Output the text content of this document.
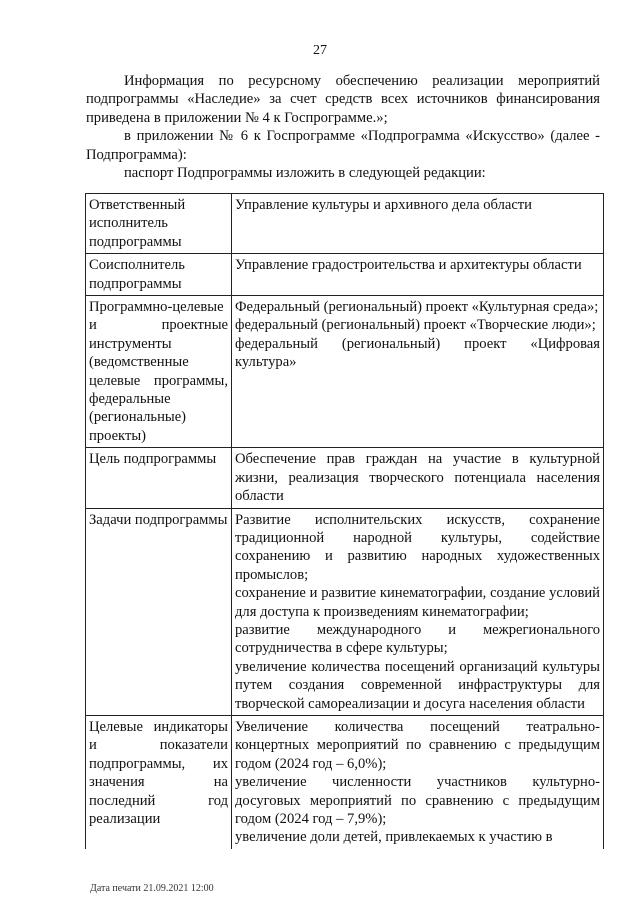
27

Информация по ресурсному обеспечению реализации мероприятий подпрограммы «Наследие» за счет средств всех источников финансирования приведена в приложении № 4 к Госпрограмме.»;

в приложении № 6 к Госпрограмме «Подпрограмма «Искусство» (далее - Подпрограмма):

паспорт Подпрограммы изложить в следующей редакции:

Ответственный исполнитель подпрограммы	Управление культуры и архивного дела области

Соисполнитель подпрограммы	Управление градостроительства и архитектуры области

Программно-целевые и проектные инструменты (ведомственные целевые программы, федеральные (региональные) проекты)	Федеральный (региональный) проект «Культурная среда»;
федеральный (региональный) проект «Творческие люди»;
федеральный (региональный) проект «Цифровая культура»

Цель подпрограммы	Обеспечение прав граждан на участие в культурной жизни, реализация творческого потенциала населения области

Задачи подпрограммы	Развитие исполнительских искусств, сохранение традиционной народной культуры, содействие сохранению и развитию народных художественных промыслов;
сохранение и развитие кинематографии, создание условий для доступа к произведениям кинематографии;
развитие международного и межрегионального сотрудничества в сфере культуры;
увеличение количества посещений организаций культуры путем создания современной инфраструктуры для творческой самореализации и досуга населения области

Целевые индикаторы и показатели подпрограммы, их значения на последний год реализации	Увеличение количества посещений театрально-концертных мероприятий по сравнению с предыдущим годом (2024 год – 6,0%);
увеличение численности участников культурно-досуговых мероприятий по сравнению с предыдущим годом (2024 год – 7,9%);
увеличение доли детей, привлекаемых к участию в
Дата печати 21.09.2021 12:00
